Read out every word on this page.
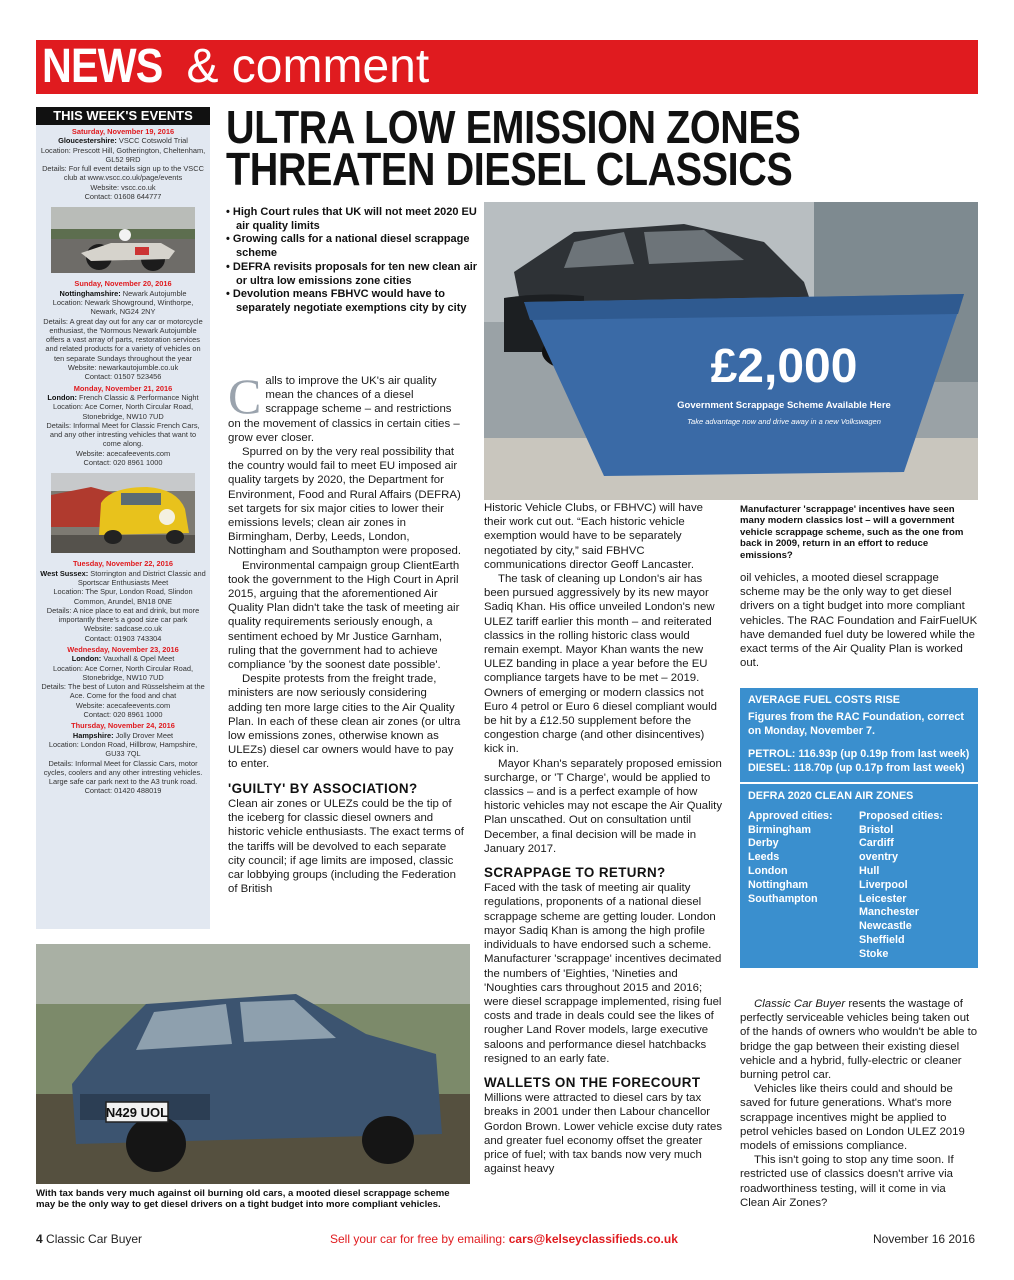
NEWS & comment
THIS WEEK'S EVENTS
Saturday, November 19, 2016
Gloucestershire: VSCC Cotswold Trial
Location: Prescott Hill, Gotherington, Cheltenham, GL52 9RD
Details: For full event details sign up to the VSCC club at www.vscc.co.uk/page/events
Website: vscc.co.uk
Contact: 01608 644777
Sunday, November 20, 2016
Nottinghamshire: Newark Autojumble
Location: Newark Showground, Winthorpe, Newark, NG24 2NY
Details: A great day out for any car or motorcycle enthusiast, the 'Normous Newark Autojumble offers a vast array of parts, restoration services and related products for a variety of vehicles on ten separate Sundays throughout the year
Website: newarkautojumble.co.uk
Contact: 01507 523456
Monday, November 21, 2016
London: French Classic & Performance Night
Location: Ace Corner, North Circular Road, Stonebridge, NW10 7UD
Details: Informal Meet for Classic French Cars, and any other intresting vehicles that want to come along.
Website: acecafeevents.com
Contact: 020 8961 1000
Tuesday, November 22, 2016
West Sussex: Storrington and District Classic and Sportscar Enthusiasts Meet
Location: The Spur, London Road, Slindon Common, Arundel, BN18 0NE
Details: A nice place to eat and drink, but more importantly there's a good size car park
Website: sadcase.co.uk
Contact: 01903 743304
Wednesday, November 23, 2016
London: Vauxhall & Opel Meet
Location: Ace Corner, North Circular Road, Stonebridge, NW10 7UD
Details: The best of Luton and Rüsselsheim at the Ace. Come for the food and chat
Website: acecafeevents.com
Contact: 020 8961 1000
Thursday, November 24, 2016
Hampshire: Jolly Drover Meet
Location: London Road, Hillbrow, Hampshire, GU33 7QL
Details: Informal Meet for Classic Cars, motor cycles, coolers and any other intresting vehicles. Large safe car park next to the A3 trunk road.
Contact: 01420 488019
ULTRA LOW EMISSION ZONES
THREATEN DIESEL CLASSICS
• High Court rules that UK will not meet 2020 EU air quality limits
• Growing calls for a national diesel scrappage scheme
• DEFRA revisits proposals for ten new clean air or ultra low emissions zone cities
• Devolution means FBHVC would have to separately negotiate exemptions city by city
£2,000
Government Scrappage Scheme Available Here
Take advantage now and drive away in a new Volkswagen
Manufacturer 'scrappage' incentives have seen many modern classics lost – will a government vehicle scrappage scheme, such as the one from back in 2009, return in an effort to reduce emissions?
N429 UOL
With tax bands very much against oil burning old cars, a mooted diesel scrappage scheme may be the only way to get diesel drivers on a tight budget into more compliant vehicles.

Calls to improve the UK's air quality mean the chances of a diesel scrappage scheme – and restrictions on the movement of classics in certain cities – grow ever closer.

Spurred on by the very real possibility that the country would fail to meet EU imposed air quality targets by 2020, the Department for Environment, Food and Rural Affairs (DEFRA) set targets for six major cities to lower their emissions levels; clean air zones in Birmingham, Derby, Leeds, London, Nottingham and Southampton were proposed.

Environmental campaign group ClientEarth took the government to the High Court in April 2015, arguing that the aforementioned Air Quality Plan didn't take the task of meeting air quality requirements seriously enough, a sentiment echoed by Mr Justice Garnham, ruling that the government had to achieve compliance 'by the soonest date possible'.

Despite protests from the freight trade, ministers are now seriously considering adding ten more large cities to the Air Quality Plan. In each of these clean air zones (or ultra low emissions zones, otherwise known as ULEZs) diesel car owners would have to pay to enter.

'GUILTY' BY ASSOCIATION?

Clean air zones or ULEZs could be the tip of the iceberg for classic diesel owners and historic vehicle enthusiasts. The exact terms of the tariffs will be devolved to each separate city council; if age limits are imposed, classic car lobbying groups (including the Federation of British

Historic Vehicle Clubs, or FBHVC) will have their work cut out. “Each historic vehicle exemption would have to be separately negotiated by city,” said FBHVC communications director Geoff Lancaster.

The task of cleaning up London's air has been pursued aggressively by its new mayor Sadiq Khan. His office unveiled London's new ULEZ tariff earlier this month – and reiterated classics in the rolling historic class would remain exempt. Mayor Khan wants the new ULEZ banding in place a year before the EU compliance targets have to be met – 2019. Owners of emerging or modern classics not Euro 4 petrol or Euro 6 diesel compliant would be hit by a £12.50 supplement before the congestion charge (and other disincentives) kick in.

Mayor Khan's separately proposed emission surcharge, or 'T Charge', would be applied to classics – and is a perfect example of how historic vehicles may not escape the Air Quality Plan unscathed. Out on consultation until December, a final decision will be made in January 2017.

SCRAPPAGE TO RETURN?

Faced with the task of meeting air quality regulations, proponents of a national diesel scrappage scheme are getting louder. London mayor Sadiq Khan is among the high profile individuals to have endorsed such a scheme. Manufacturer 'scrappage' incentives decimated the numbers of 'Eighties, 'Nineties and 'Noughties cars throughout 2015 and 2016; were diesel scrappage implemented, rising fuel costs and trade in deals could see the likes of rougher Land Rover models, large executive saloons and performance diesel hatchbacks resigned to an early fate.

WALLETS ON THE FORECOURT

Millions were attracted to diesel cars by tax breaks in 2001 under then Labour chancellor Gordon Brown. Lower vehicle excise duty rates and greater fuel economy offset the greater price of fuel; with tax bands now very much against heavy

oil vehicles, a mooted diesel scrappage scheme may be the only way to get diesel drivers on a tight budget into more compliant vehicles. The RAC Foundation and FairFuelUK have demanded fuel duty be lowered while the exact terms of the Air Quality Plan is worked out.

AVERAGE FUEL COSTS RISE
Figures from the RAC Foundation, correct on Monday, November 7.
PETROL: 116.93p (up 0.19p from last week)
DIESEL: 118.70p (up 0.17p from last week)
DEFRA 2020 CLEAN AIR ZONES
Approved cities:
Birmingham
Derby
Leeds
London
Nottingham
Southampton
Proposed cities:
Bristol
Cardiff
oventry
Hull
Liverpool
Leicester
Manchester
Newcastle
Sheffield
Stoke

Classic Car Buyer resents the wastage of perfectly serviceable vehicles being taken out of the hands of owners who wouldn't be able to bridge the gap between their existing diesel vehicle and a hybrid, fully-electric or cleaner burning petrol car.

Vehicles like theirs could and should be saved for future generations. What's more scrappage incentives might be applied to petrol vehicles based on London ULEZ 2019 models of emissions compliance.

This isn't going to stop any time soon. If restricted use of classics doesn't arrive via roadworthiness testing, will it come in via Clean Air Zones?

4 Classic Car Buyer	Sell your car for free by emailing: cars@kelseyclassifieds.co.uk	November 16 2016
